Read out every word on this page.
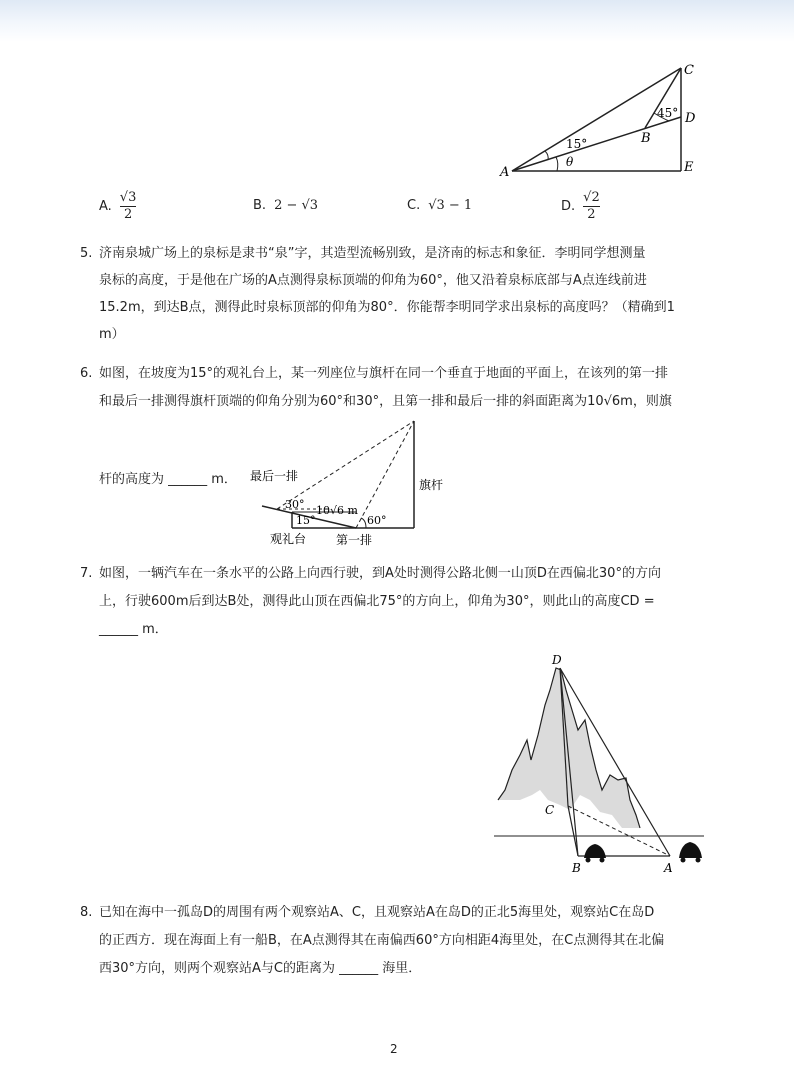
C
D
E
A
B
15°
θ
45°
A. $\frac{√3}{2}$	B. 2 − √3	C. √3 − 1	D. $\frac{√2}{2}$
5. 济南泉城广场上的泉标是隶书“泉”字，其造型流畅别致，是济南的标志和象征．李明同学想测量
泉标的高度，于是他在广场的A点测得泉标顶端的仰角为60°，他又沿着泉标底部与A点连线前进
15.2m，到达B点，测得此时泉标顶部的仰角为80°．你能帮李明同学求出泉标的高度吗？（精确到1
m）
6. 如图，在坡度为15°的观礼台上，某一列座位与旗杆在同一个垂直于地面的平面上，在该列的第一排
和最后一排测得旗杆顶端的仰角分别为60°和30°，且第一排和最后一排的斜面距离为10√6m，则旗
杆的高度为 ______ m． 最后一排
旗杆
30° 10√6 m
15°	60°
观礼台 第一排
7. 如图，一辆汽车在一条水平的公路上向西行驶，到A处时测得公路北侧一山顶D在西偏北30°的方向
上，行驶600m后到达B处，测得此山顶在西偏北75°的方向上，仰角为30°，则此山的高度CD =
______ m．
D
C
B	A
8. 已知在海中一孤岛D的周围有两个观察站A、C，且观察站A在岛D的正北5海里处，观察站C在岛D
的正西方．现在海面上有一船B，在A点测得其在南偏西60°方向相距4海里处，在C点测得其在北偏
西30°方向，则两个观察站A与C的距离为 ______ 海里．
2
